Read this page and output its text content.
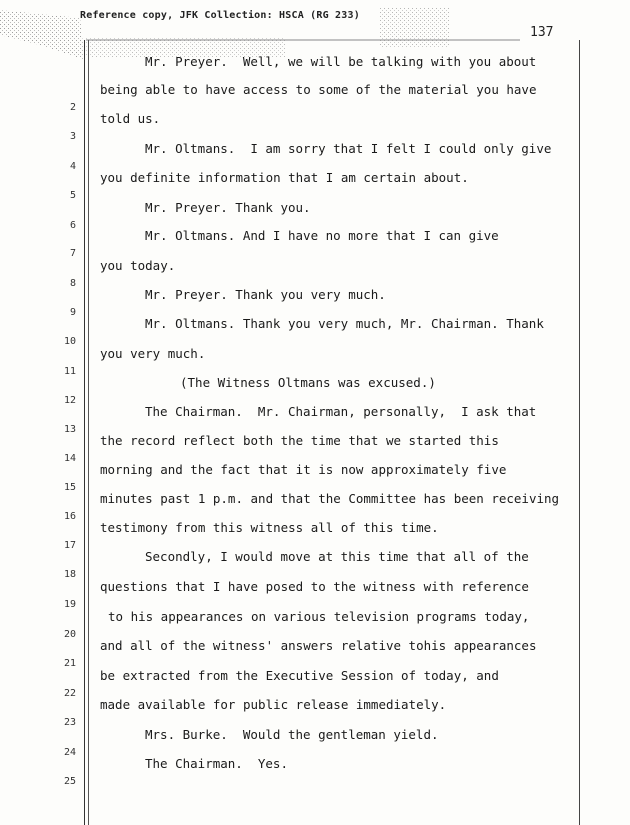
Reference copy, JFK Collection: HSCA (RG 233)
137
Mr. Preyer.  Well, we will be talking with you about
2
being able to have access to some of the material you have
3
told us.
4
Mr. Oltmans.  I am sorry that I felt I could only give
5
you definite information that I am certain about.
6
Mr. Preyer. Thank you.
7
Mr. Oltmans. And I have no more that I can give
8
you today.
9
Mr. Preyer. Thank you very much.
10
Mr. Oltmans. Thank you very much, Mr. Chairman. Thank
11
you very much.
12
(The Witness Oltmans was excused.)
13
The Chairman.  Mr. Chairman, personally,  I ask that
14
the record reflect both the time that we started this
15
morning and the fact that it is now approximately five
16
minutes past 1 p.m. and that the Committee has been receiving
17
testimony from this witness all of this time.
18
Secondly, I would move at this time that all of the
19
questions that I have posed to the witness with reference
20
to his appearances on various television programs today,
21
and all of the witness' answers relative tohis appearances
22
be extracted from the Executive Session of today, and
23
made available for public release immediately.
24
Mrs. Burke.  Would the gentleman yield.
25
The Chairman.  Yes.
